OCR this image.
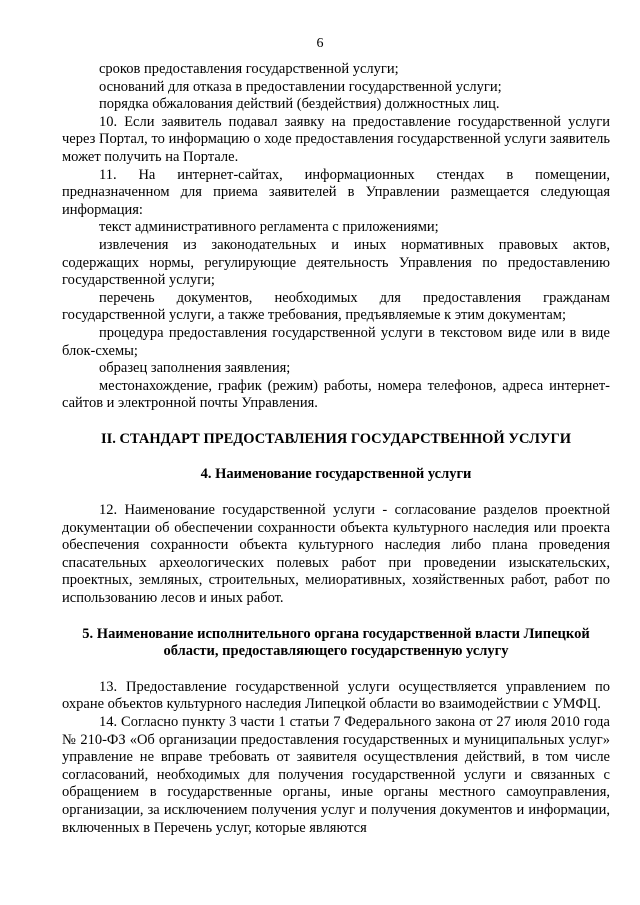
6

сроков предоставления государственной услуги;

оснований для отказа в предоставлении государственной услуги;

порядка обжалования действий (бездействия) должностных лиц.

10. Если заявитель подавал заявку на предоставление государственной услуги через Портал, то информацию о ходе предоставления государственной услуги заявитель может получить на Портале.

11. На интернет-сайтах, информационных стендах в помещении, предназначенном для приема заявителей в Управлении размещается следующая информация:

текст административного регламента с приложениями;

извлечения из законодательных и иных нормативных правовых актов, содержащих нормы, регулирующие деятельность Управления по предоставлению государственной услуги;

перечень документов, необходимых для предоставления гражданам государственной услуги, а также требования, предъявляемые к этим документам;

процедура предоставления государственной услуги в текстовом виде или в виде блок-схемы;

образец заполнения заявления;

местонахождение, график (режим) работы, номера телефонов, адреса интернет-сайтов и электронной почты Управления.

II. СТАНДАРТ ПРЕДОСТАВЛЕНИЯ ГОСУДАРСТВЕННОЙ УСЛУГИ

4. Наименование государственной услуги

12. Наименование государственной услуги - согласование разделов проектной документации об обеспечении сохранности объекта культурного наследия или проекта обеспечения сохранности объекта культурного наследия либо плана проведения спасательных археологических полевых работ при проведении изыскательских, проектных, земляных, строительных, мелиоративных, хозяйственных работ, работ по использованию лесов и иных работ.

5. Наименование исполнительного органа государственной власти Липецкой

области, предоставляющего государственную услугу

13. Предоставление государственной услуги осуществляется управлением по охране объектов культурного наследия Липецкой области во взаимодействии с УМФЦ.

14. Согласно пункту 3 части 1 статьи 7 Федерального закона от 27 июля 2010 года № 210-ФЗ «Об организации предоставления государственных и муниципальных услуг» управление не вправе требовать от заявителя осуществления действий, в том числе согласований, необходимых для получения государственной услуги и связанных с обращением в государственные органы, иные органы местного самоуправления, организации, за исключением получения услуг и получения документов и информации, включенных в Перечень услуг, которые являются
